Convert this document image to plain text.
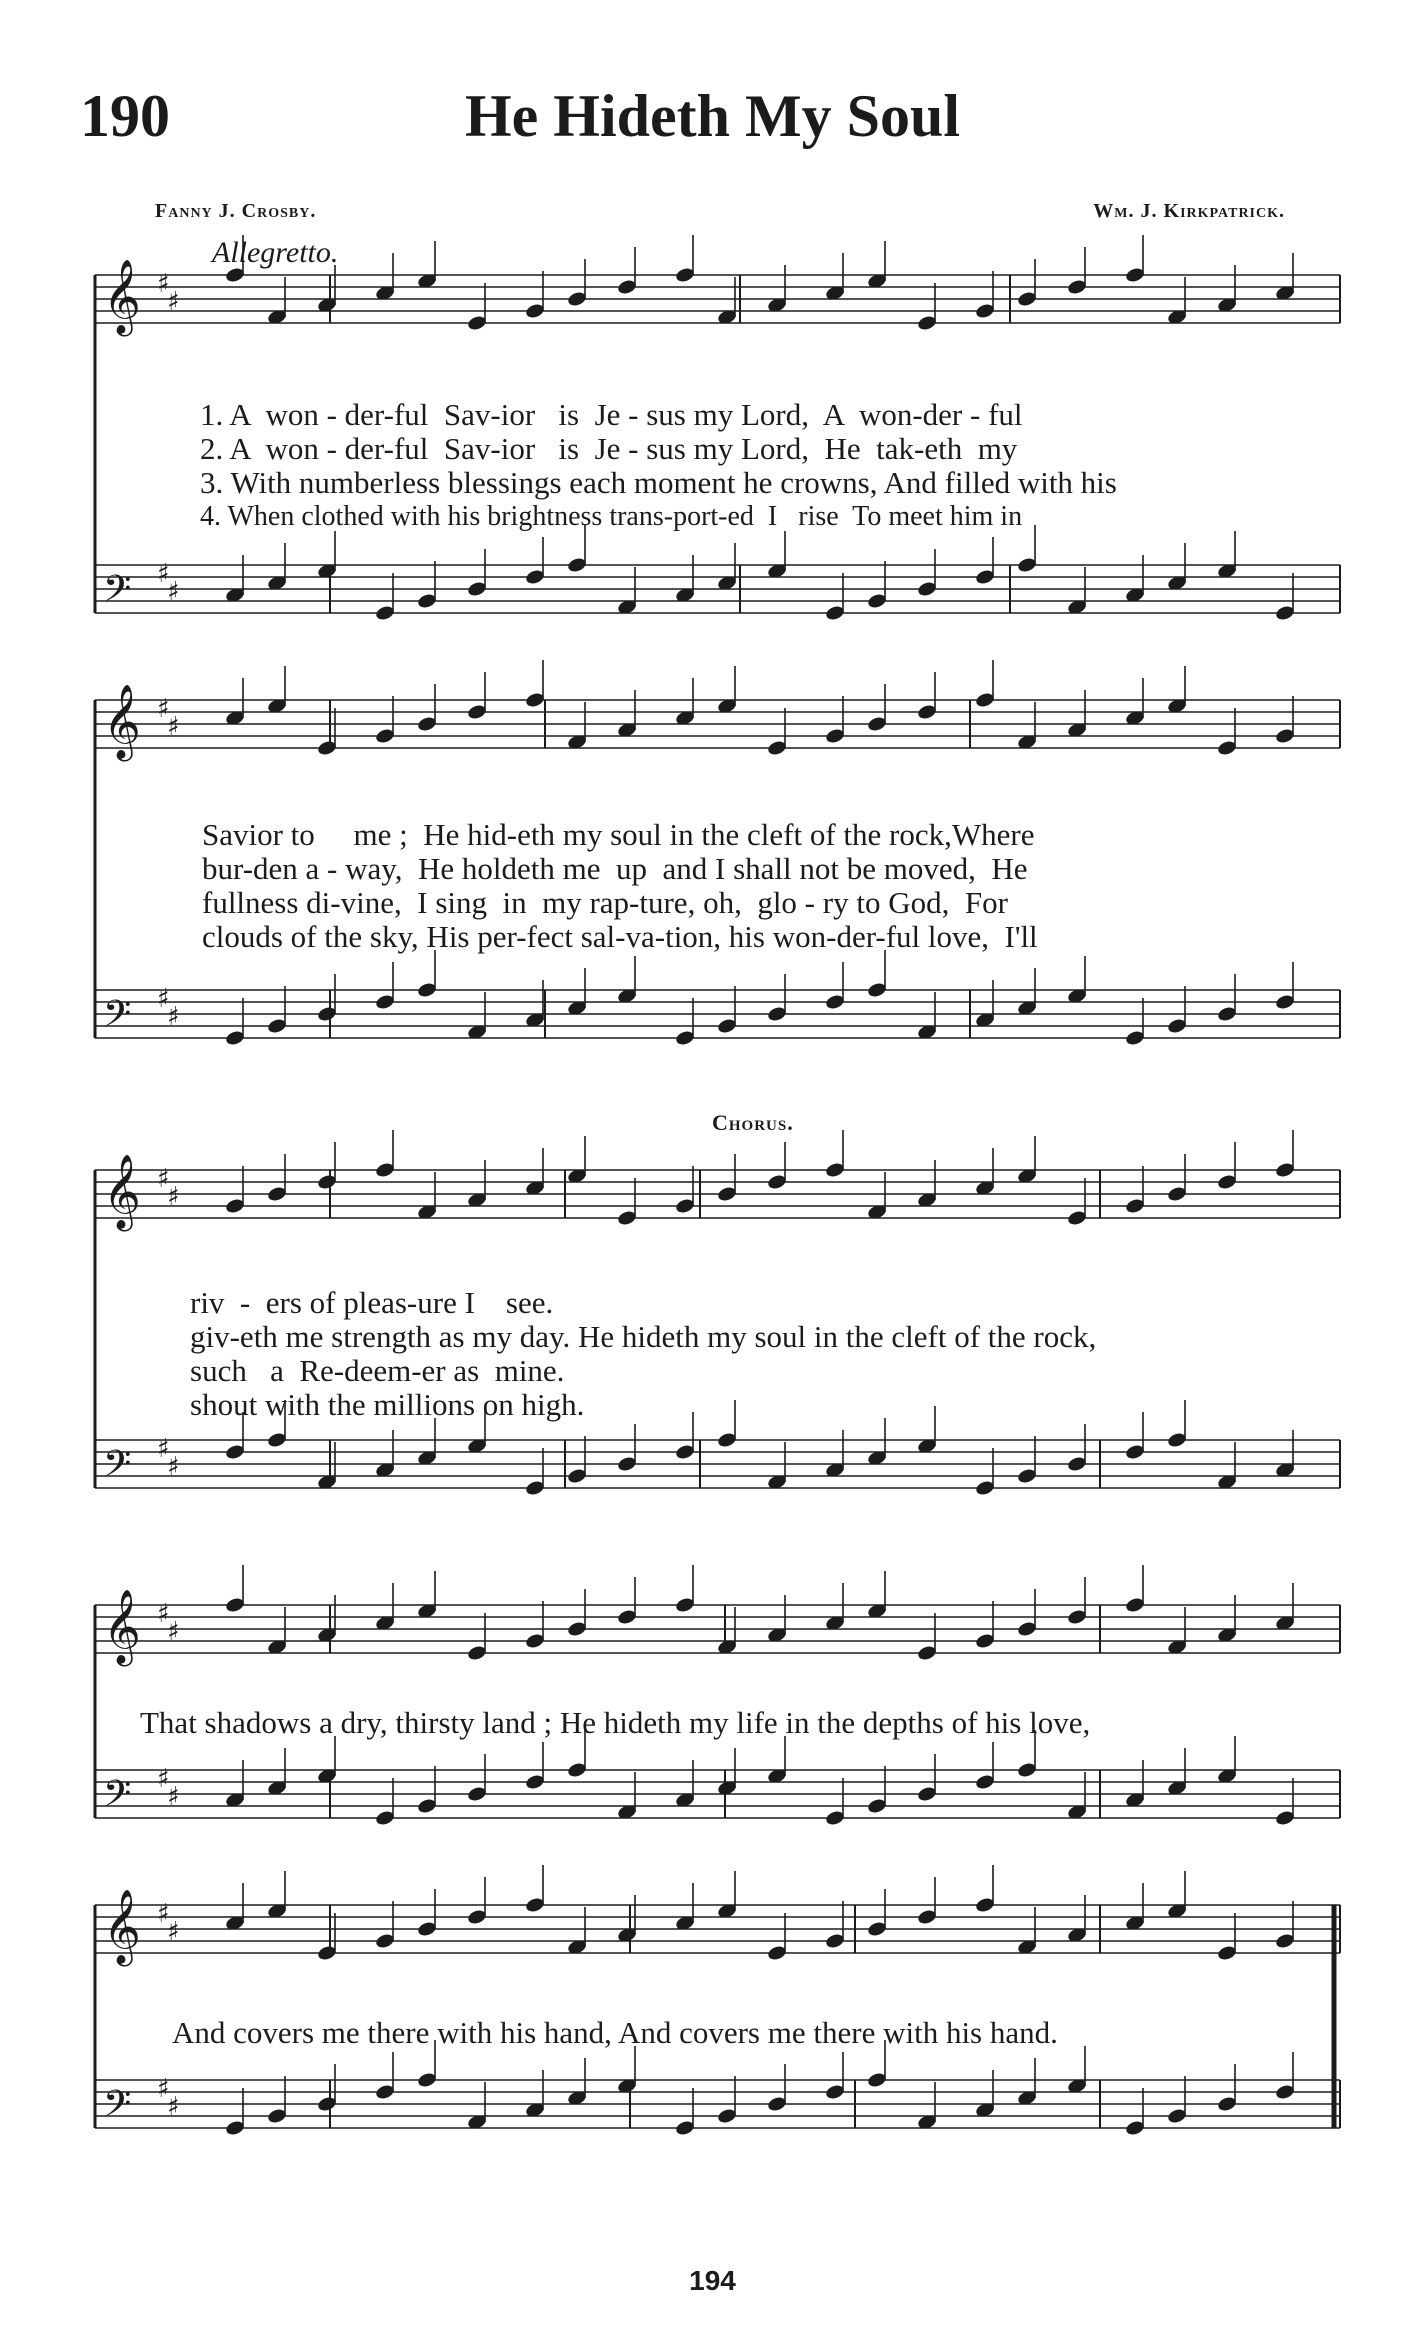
190	He Hideth My Soul
Fanny J. Crosby.	Wm. J. Kirkpatrick.
Allegretto.
Chorus.
𝄞 ♯
♯
𝄢 ♯
♯
𝄞 ♯
♯
𝄢 ♯
♯
𝄞 ♯
♯
𝄢 ♯
♯
𝄞 ♯
♯
𝄢 ♯
♯
𝄞 ♯
♯
𝄢 ♯
♯
1. A  won - der-ful  Sav-ior   is  Je - sus my Lord,  A  won-der - ful
2. A  won - der-ful  Sav-ior   is  Je - sus my Lord,  He  tak-eth  my
3. With numberless blessings each moment he crowns, And filled with his
4. When clothed with his brightness trans-port-ed  I   rise  To meet him in
Savior to     me ;  He hid-eth my soul in the cleft of the rock,Where
bur-den a - way,  He holdeth me  up  and I shall not be moved,  He
fullness di-vine,  I sing  in  my rap-ture, oh,  glo - ry to God,  For
clouds of the sky, His per-fect sal-va-tion, his won-der-ful love,  I'll
riv  -  ers of pleas-ure I    see.
giv-eth me strength as my day. He hideth my soul in the cleft of the rock,
such   a  Re-deem-er as  mine.
shout with the millions on high.
That shadows a dry, thirsty land ; He hideth my life in the depths of his love,
And covers me there with his hand, And covers me there with his hand.
194
